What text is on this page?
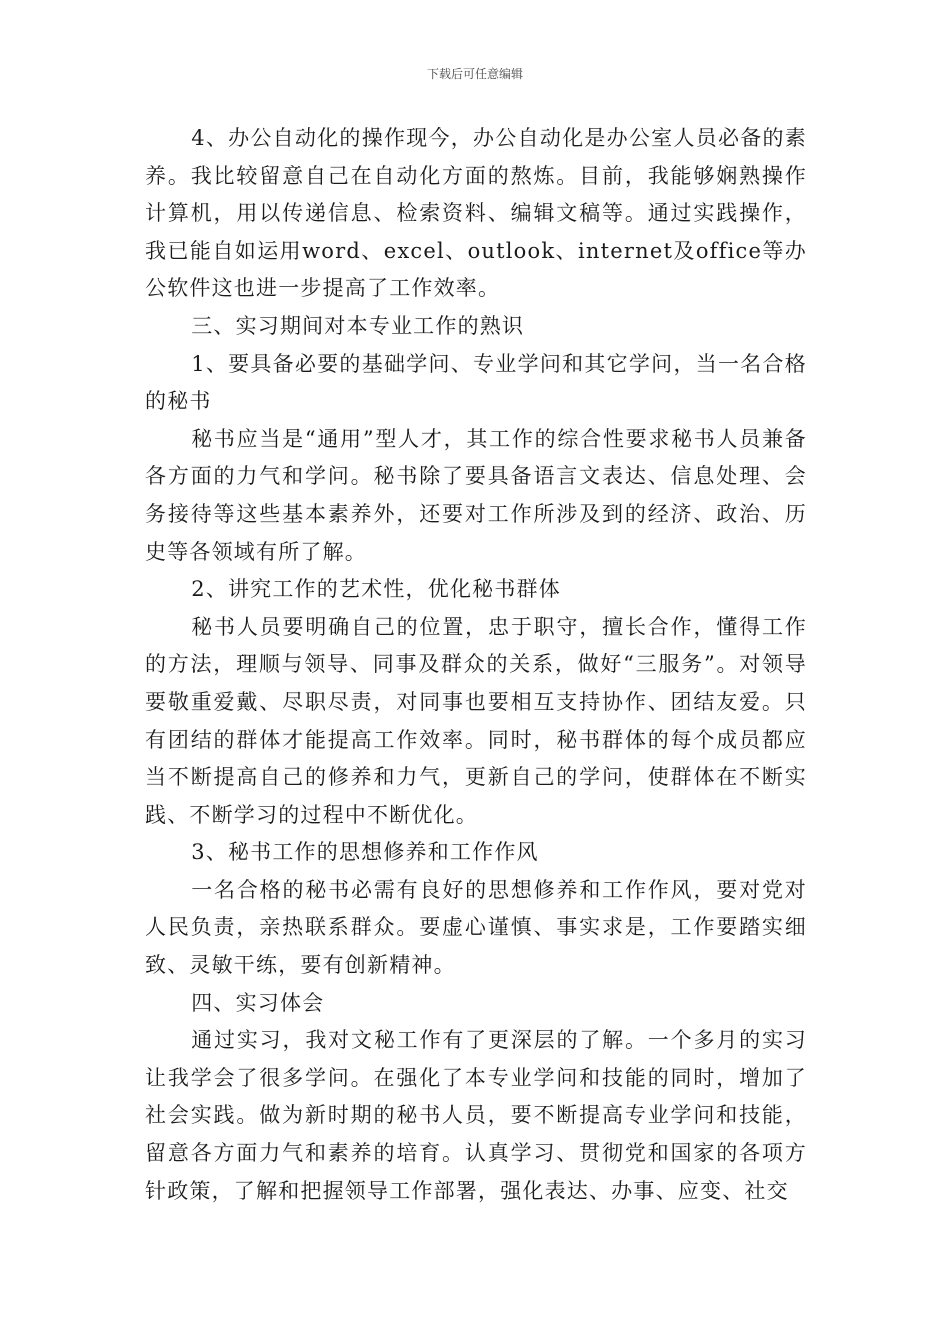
下载后可任意编辑

4、办公自动化的操作现今，办公自动化是办公室人员必备的素养。我比较留意自己在自动化方面的熬炼。目前，我能够娴熟操作计算机，用以传递信息、检索资料、编辑文稿等。通过实践操作，我已能自如运用word、excel、outlook、internet及office等办公软件这也进一步提高了工作效率。

三、实习期间对本专业工作的熟识

1、要具备必要的基础学问、专业学问和其它学问，当一名合格的秘书

秘书应当是“通用”型人才，其工作的综合性要求秘书人员兼备各方面的力气和学问。秘书除了要具备语言文表达、信息处理、会务接待等这些基本素养外，还要对工作所涉及到的经济、政治、历史等各领域有所了解。

2、讲究工作的艺术性，优化秘书群体

秘书人员要明确自己的位置，忠于职守，擅长合作，懂得工作的方法，理顺与领导、同事及群众的关系，做好“三服务”。对领导要敬重爱戴、尽职尽责，对同事也要相互支持协作、团结友爱。只有团结的群体才能提高工作效率。同时，秘书群体的每个成员都应当不断提高自己的修养和力气，更新自己的学问，使群体在不断实践、不断学习的过程中不断优化。

3、秘书工作的思想修养和工作作风

一名合格的秘书必需有良好的思想修养和工作作风，要对党对人民负责，亲热联系群众。要虚心谨慎、事实求是，工作要踏实细致、灵敏干练，要有创新精神。

四、实习体会

通过实习，我对文秘工作有了更深层的了解。一个多月的实习让我学会了很多学问。在强化了本专业学问和技能的同时，增加了社会实践。做为新时期的秘书人员，要不断提高专业学问和技能，留意各方面力气和素养的培育。认真学习、贯彻党和国家的各项方针政策，了解和把握领导工作部署，强化表达、办事、应变、社交
